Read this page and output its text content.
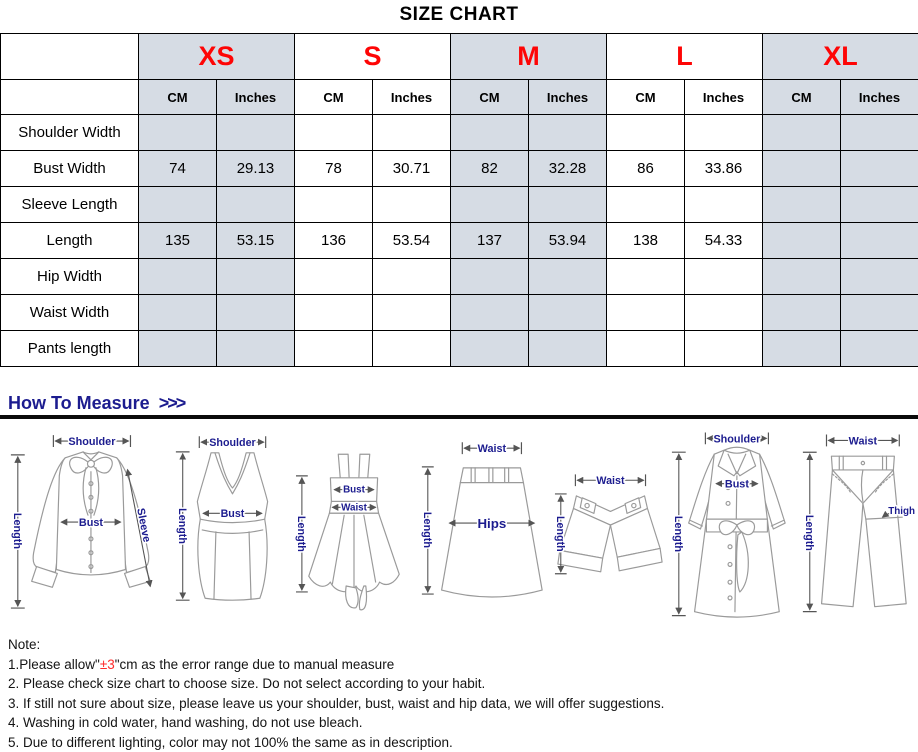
SIZE CHART
	XS		S		M		L		XL	
	CM	Inches	CM	Inches	CM	Inches	CM	Inches	CM	Inches
Shoulder Width										
Bust Width	74	29.13	78	30.71	82	32.28	86	33.86		
Sleeve Length										
Length	135	53.15	136	53.54	137	53.94	138	54.33		
Hip Width										
Waist Width										
Pants length										
How To Measure >>>
Shoulder
Length	Bust	Sleeve
Shoulder
Length	Bust
Bust
Waist
Length
Waist
Hips
Length
Waist
Length
Shoulder
Bust
Length
Waist
Thigh
Length
Note:
1.Please allow"±3"cm as the error range due to manual measure
2. Please check size chart to choose size. Do not select according to your habit.
3. If still not sure about size, please leave us your shoulder, bust, waist and hip data, we will offer suggestions.
4. Washing in cold water, hand washing, do not use bleach.
5. Due to different lighting, color may not 100% the same as in description.
